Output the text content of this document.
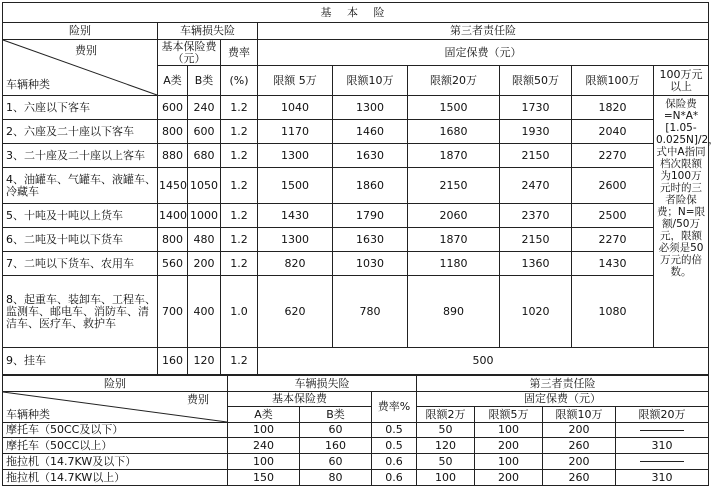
基 本 险									
险别	车辆损失险			第三者责任险					

费别
车辆种类	基本保险费（元）		费率	固定保费（元）					
	A类	B类	(%)	限额 5万	限额10万	限额20万	限额50万	限额100万	100万元以上
1、六座以下客车	600	240	1.2	1040	1300	1500	1730	1820	保险费=N*A*[1.05-0.025N]/2，式中A指同档次限额为100万元时的三者险保费；N=限额/50万元，限额必须是50万元的倍数。
2、六座及二十座以下客车	800	600	1.2	1170	1460	1680	1930	2040	
3、二十座及二十座以上客车	880	680	1.2	1300	1630	1870	2150	2270	
4、油罐车、气罐车、液罐车、冷藏车	1450	1050	1.2	1500	1860	2150	2470	2600	
5、十吨及十吨以上货车	1400	1000	1.2	1430	1790	2060	2370	2500	
6、二吨及十吨以下货车	800	480	1.2	1300	1630	1870	2150	2270	
7、二吨以下货车、农用车	560	200	1.2	820	1030	1180	1360	1430	
8、起重车、装卸车、工程车、监测车、邮电车、消防车、清洁车、医疗车、救护车	700	400	1.0	620	780	890	1020	1080	
9、挂车	160	120	1.2	500					
险别	车辆损失险			第三者责任险			

费别
车辆种类	基本保险费		费率%	固定保费（元）			
	A类	B类		限额2万	限额5万	限额10万	限额20万
摩托车（50CC及以下）	100	60	0.5	50	100	200	
摩托车（50CC以上）	240	160	0.5	120	200	260	310
拖拉机（14.7KW及以下）	100	60	0.6	50	100	200	
拖拉机（14.7KW以上）	150	80	0.6	100	200	260	310
